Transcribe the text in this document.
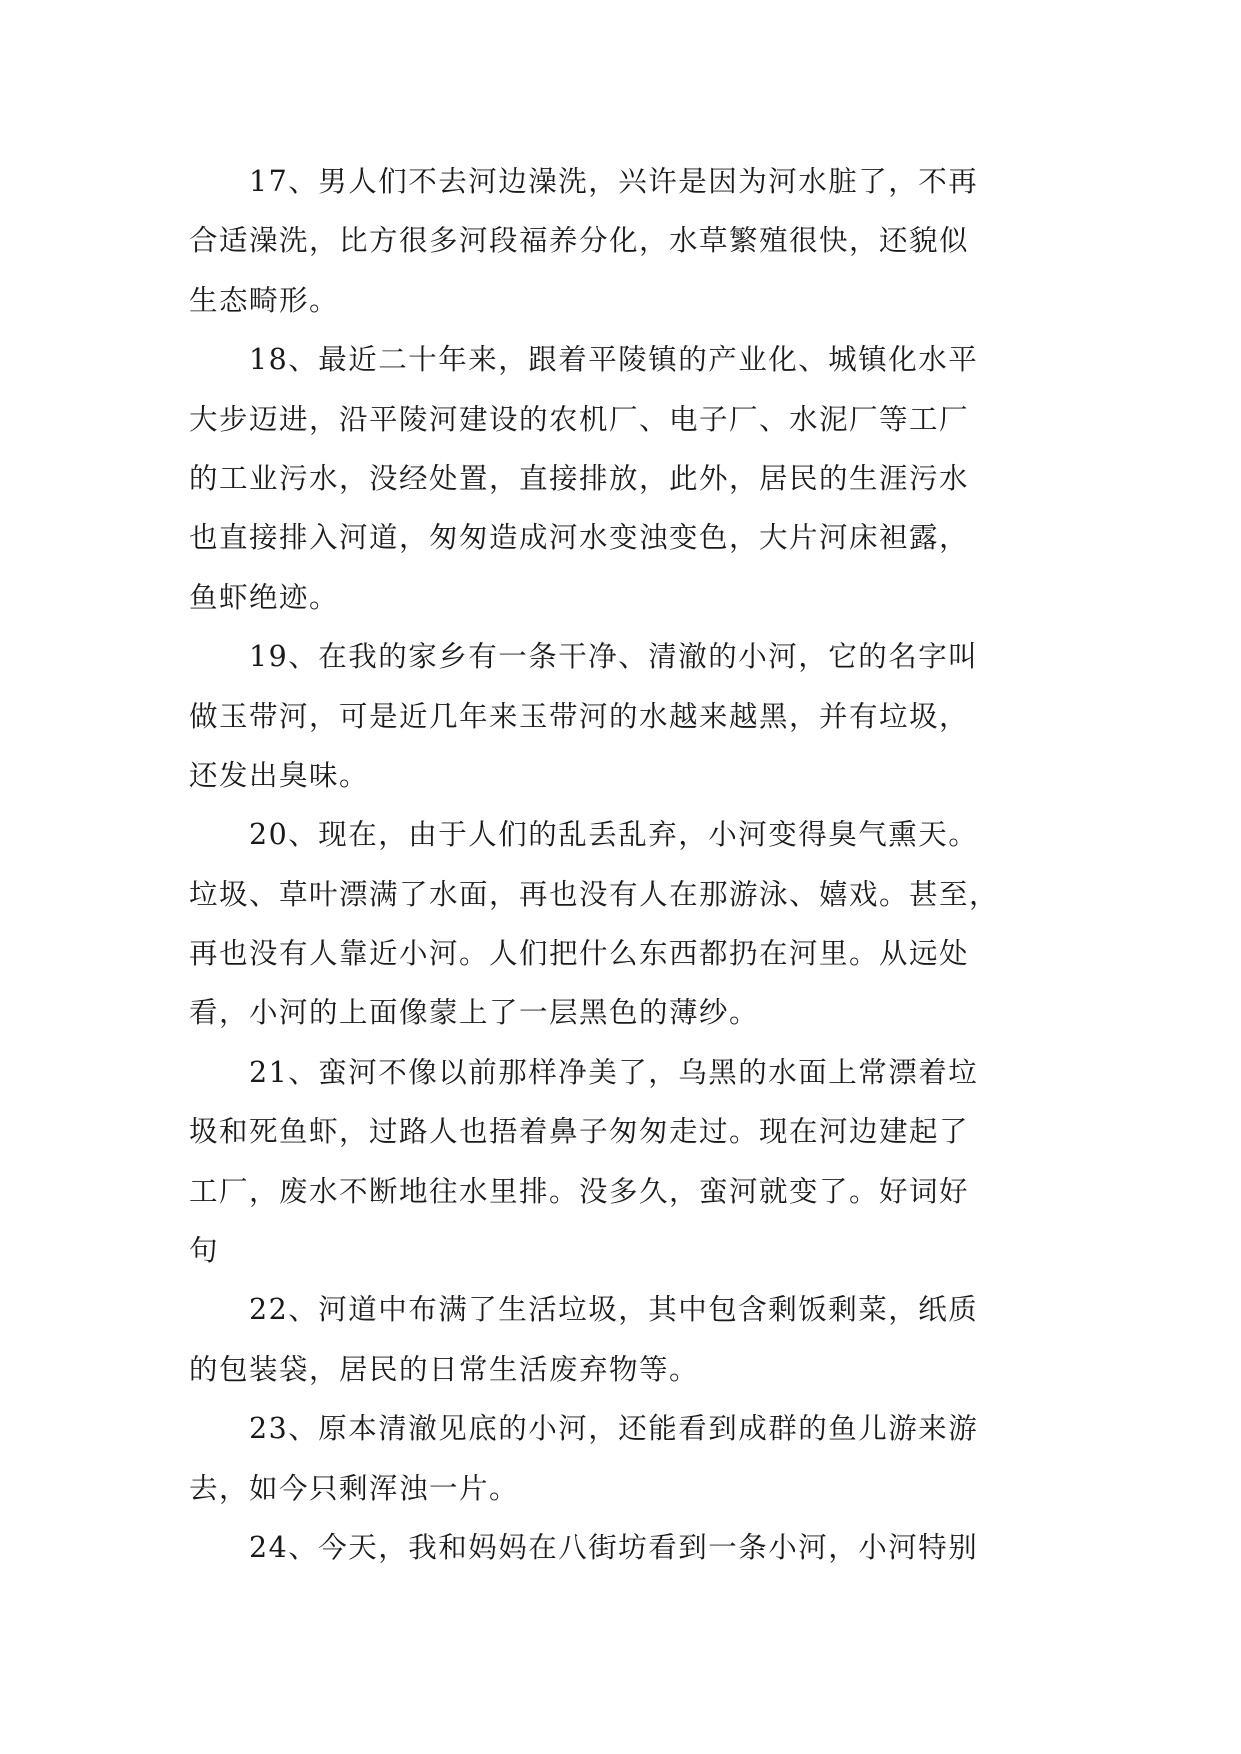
17、男人们不去河边澡洗，兴许是因为河水脏了，不再
合适澡洗，比方很多河段福养分化，水草繁殖很快，还貌似
生态畸形。
18、最近二十年来，跟着平陵镇的产业化、城镇化水平
大步迈进，沿平陵河建设的农机厂、电子厂、水泥厂等工厂
的工业污水，没经处置，直接排放，此外，居民的生涯污水
也直接排入河道，匆匆造成河水变浊变色，大片河床袒露，
鱼虾绝迹。
19、在我的家乡有一条干净、清澈的小河，它的名字叫
做玉带河，可是近几年来玉带河的水越来越黑，并有垃圾，
还发出臭味。
20、现在，由于人们的乱丢乱弃，小河变得臭气熏天。
垃圾、草叶漂满了水面，再也没有人在那游泳、嬉戏。甚至，
再也没有人靠近小河。人们把什么东西都扔在河里。从远处
看，小河的上面像蒙上了一层黑色的薄纱。
21、蛮河不像以前那样净美了，乌黑的水面上常漂着垃
圾和死鱼虾，过路人也捂着鼻子匆匆走过。现在河边建起了
工厂，废水不断地往水里排。没多久，蛮河就变了。好词好
句
22、河道中布满了生活垃圾，其中包含剩饭剩菜，纸质
的包装袋，居民的日常生活废弃物等。
23、原本清澈见底的小河，还能看到成群的鱼儿游来游
去，如今只剩浑浊一片。
24、今天，我和妈妈在八街坊看到一条小河，小河特别
